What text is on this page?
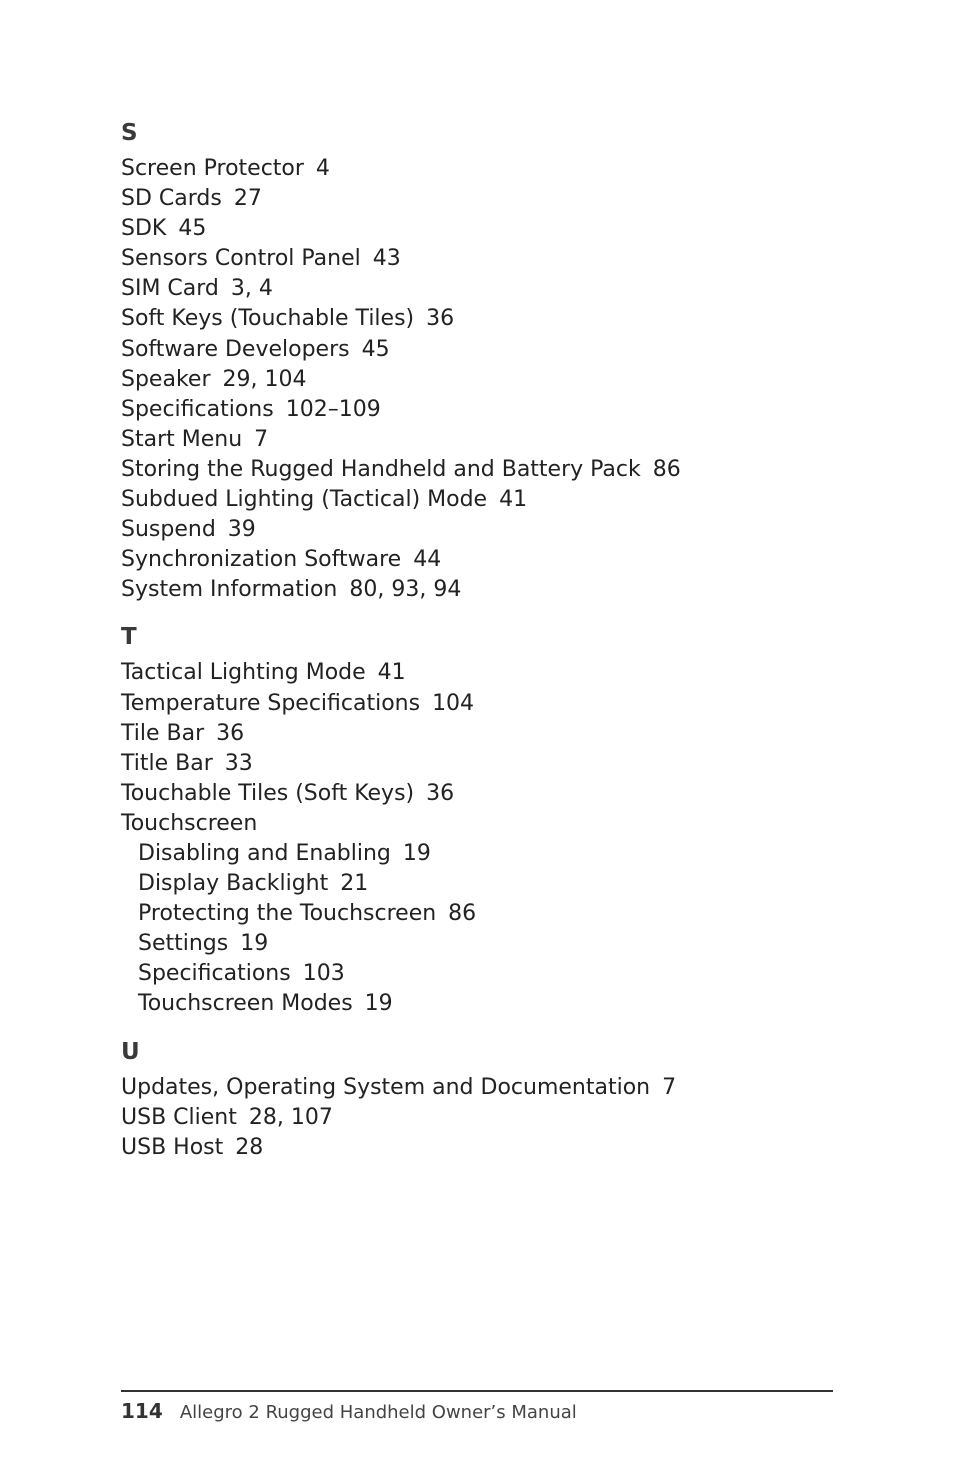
S
Screen Protector 4
SD Cards 27
SDK 45
Sensors Control Panel 43
SIM Card 3, 4
Soft Keys (Touchable Tiles) 36
Software Developers 45
Speaker 29, 104
Specifications 102–109
Start Menu 7
Storing the Rugged Handheld and Battery Pack 86
Subdued Lighting (Tactical) Mode 41
Suspend 39
Synchronization Software 44
System Information 80, 93, 94
T
Tactical Lighting Mode 41
Temperature Specifications 104
Tile Bar 36
Title Bar 33
Touchable Tiles (Soft Keys) 36
Touchscreen
Disabling and Enabling 19
Display Backlight 21
Protecting the Touchscreen 86
Settings 19
Specifications 103
Touchscreen Modes 19
U
Updates, Operating System and Documentation 7
USB Client 28, 107
USB Host 28
114 Allegro 2 Rugged Handheld Owner’s Manual
